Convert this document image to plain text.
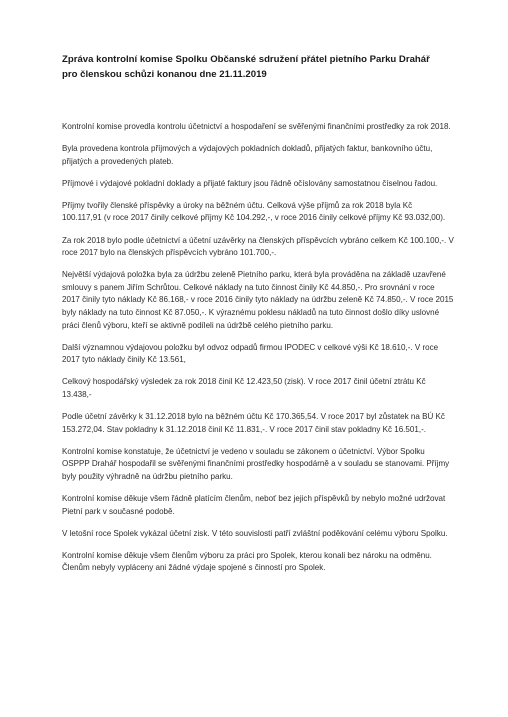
Zpráva kontrolní komise Spolku Občanské sdružení přátel pietního Parku Drahář pro členskou schůzi konanou dne 21.11.2019

Kontrolní komise provedla kontrolu účetnictví a hospodaření se svěřenými finančními prostředky za rok 2018.

Byla provedena kontrola příjmových a výdajových pokladních dokladů, přijatých faktur, bankovního účtu, přijatých a provedených plateb.

Příjmové i výdajové pokladní doklady a přijaté faktury jsou řádně očíslovány samostatnou číselnou řadou.

Příjmy tvořily členské příspěvky a úroky na běžném účtu. Celková výše příjmů za rok 2018 byla Kč 100.117,91 (v roce 2017 činily celkové příjmy Kč 104.292,-, v roce 2016 činily celkové příjmy Kč 93.032,00).

Za rok 2018 bylo podle účetnictví a účetní uzávěrky na členských příspěvcích vybráno celkem Kč 100.100,-. V roce 2017 bylo na členských příspěvcích vybráno 101.700,-.

Největší výdajová položka byla za údržbu zeleně Pietního parku, která byla prováděna na základě uzavřené smlouvy s panem Jiřím Schrůtou. Celkové náklady na tuto činnost činily Kč 44.850,-. Pro srovnání v roce 2017 činily tyto náklady Kč 86.168,- v roce 2016 činily tyto náklady na údržbu zeleně Kč 74.850,-. V roce 2015 byly náklady na tuto činnost Kč 87.050,-. K výraznému poklesu nákladů na tuto činnost došlo díky uslovné práci členů výboru, kteří se aktivně podíleli na údržbě celého pietního parku.

Další významnou výdajovou položku byl odvoz odpadů firmou IPODEC v celkové výši Kč 18.610,-. V roce 2017 tyto náklady činily Kč 13.561,

Celkový hospodářský výsledek za rok 2018 činil Kč 12.423,50 (zisk). V roce 2017 činil účetní ztrátu Kč 13.438,-

Podle účetní závěrky k 31.12.2018 bylo na běžném účtu Kč 170.365,54. V roce 2017 byl zůstatek na BÚ Kč 153.272,04. Stav pokladny k 31.12.2018 činil Kč 11.831,-. V roce 2017 činil stav pokladny Kč 16.501,-.

Kontrolní komise konstatuje, že účetnictví je vedeno v souladu se zákonem o účetnictví. Výbor Spolku OSPPP Drahář hospodařil se svěřenými finančními prostředky hospodárně a v souladu se stanovami. Příjmy byly použity výhradně na údržbu pietního parku.

Kontrolní komise děkuje všem řádně platícím členům, neboť bez jejich příspěvků by nebylo možné udržovat Pietní park v současné podobě.

V letošní roce Spolek vykázal účetní zisk. V této souvislosti patří zvláštní poděkování celému výboru Spolku.

Kontrolní komise děkuje všem členům výboru za práci pro Spolek, kterou konali bez nároku na odměnu. Členům nebyly vypláceny ani žádné výdaje spojené s činností pro Spolek.
